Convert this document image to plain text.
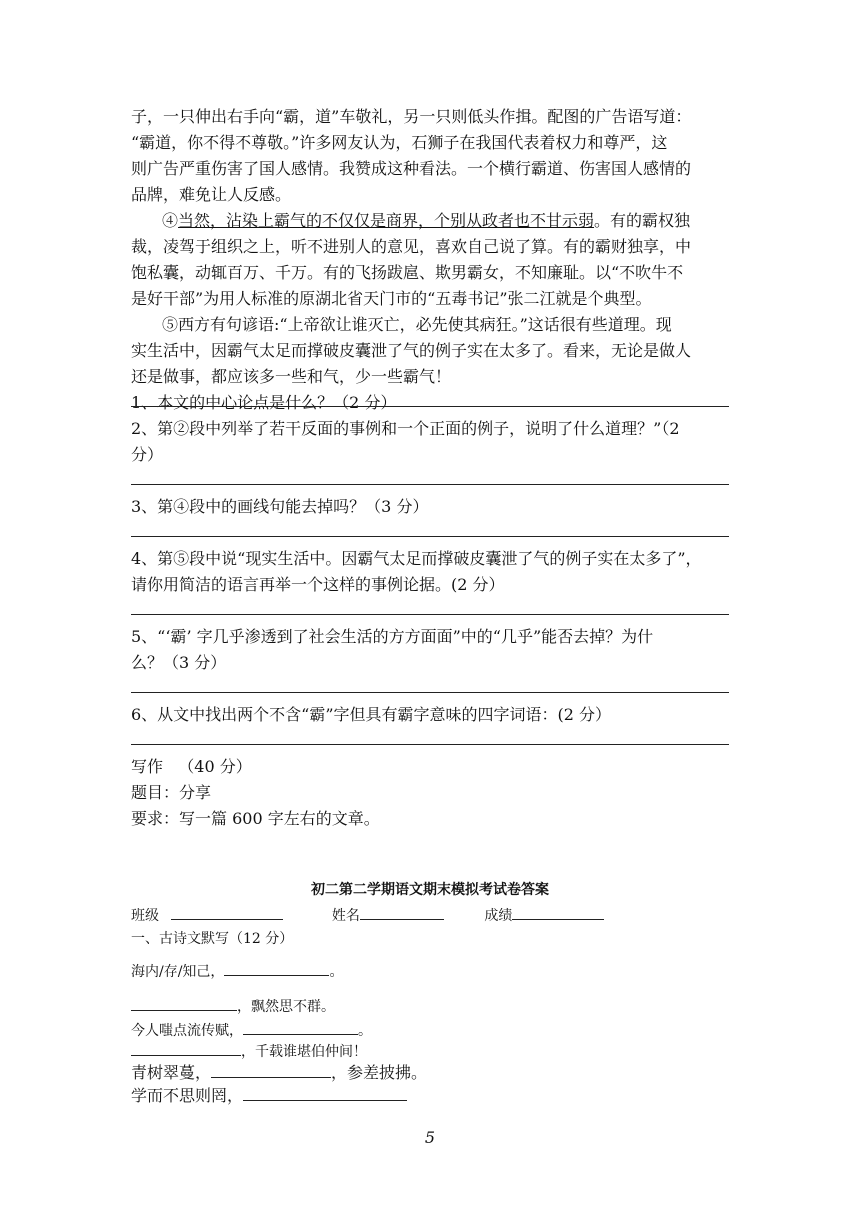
子，一只伸出右手向“霸，道”车敬礼，另一只则低头作揖。配图的广告语写道：
“霸道，你不得不尊敬。”许多网友认为，石狮子在我国代表着权力和尊严，这
则广告严重伤害了国人感情。我赞成这种看法。一个横行霸道、伤害国人感情的
品牌，难免让人反感。
④当然，沾染上霸气的不仅仅是商界，个别从政者也不甘示弱。有的霸权独
裁，凌驾于组织之上，听不进别人的意见，喜欢自己说了算。有的霸财独享，中
饱私囊，动辄百万、千万。有的飞扬跋扈、欺男霸女，不知廉耻。以“不吹牛不
是好干部”为用人标准的原湖北省天门市的“五毒书记”张二江就是个典型。
⑤西方有句谚语:“上帝欲让谁灭亡，必先使其病狂。”这话很有些道理。现
实生活中，因霸气太足而撑破皮囊泄了气的例子实在太多了。看来，无论是做人
还是做事，都应该多一些和气，少一些霸气！
1、本文的中心论点是什么？（2 分）
2、第②段中列举了若干反面的事例和一个正面的例子，说明了什么道理？”（2
分）
3、第④段中的画线句能去掉吗？（3 分）
4、第⑤段中说“现实生活中。因霸气太足而撑破皮囊泄了气的例子实在太多了”，
请你用简洁的语言再举一个这样的事例论据。(2 分）
5、“‘霸’ 字几乎渗透到了社会生活的方方面面”中的“几乎”能否去掉？为什
么？（3 分）
6、从文中找出两个不含“霸”字但具有霸字意味的四字词语：(2 分）
写作   （40 分）
题目：分享
要求：写一篇 600 字左右的文章。
初二第二学期语文期末模拟考试卷答案
班级	姓名	成绩
一、古诗文默写（12 分）
海内/存/知己，	。
，飘然思不群。
今人嗤点流传赋，	。
，千载谁堪伯仲间！
青树翠蔓，	，参差披拂。
学而不思则罔，
5
